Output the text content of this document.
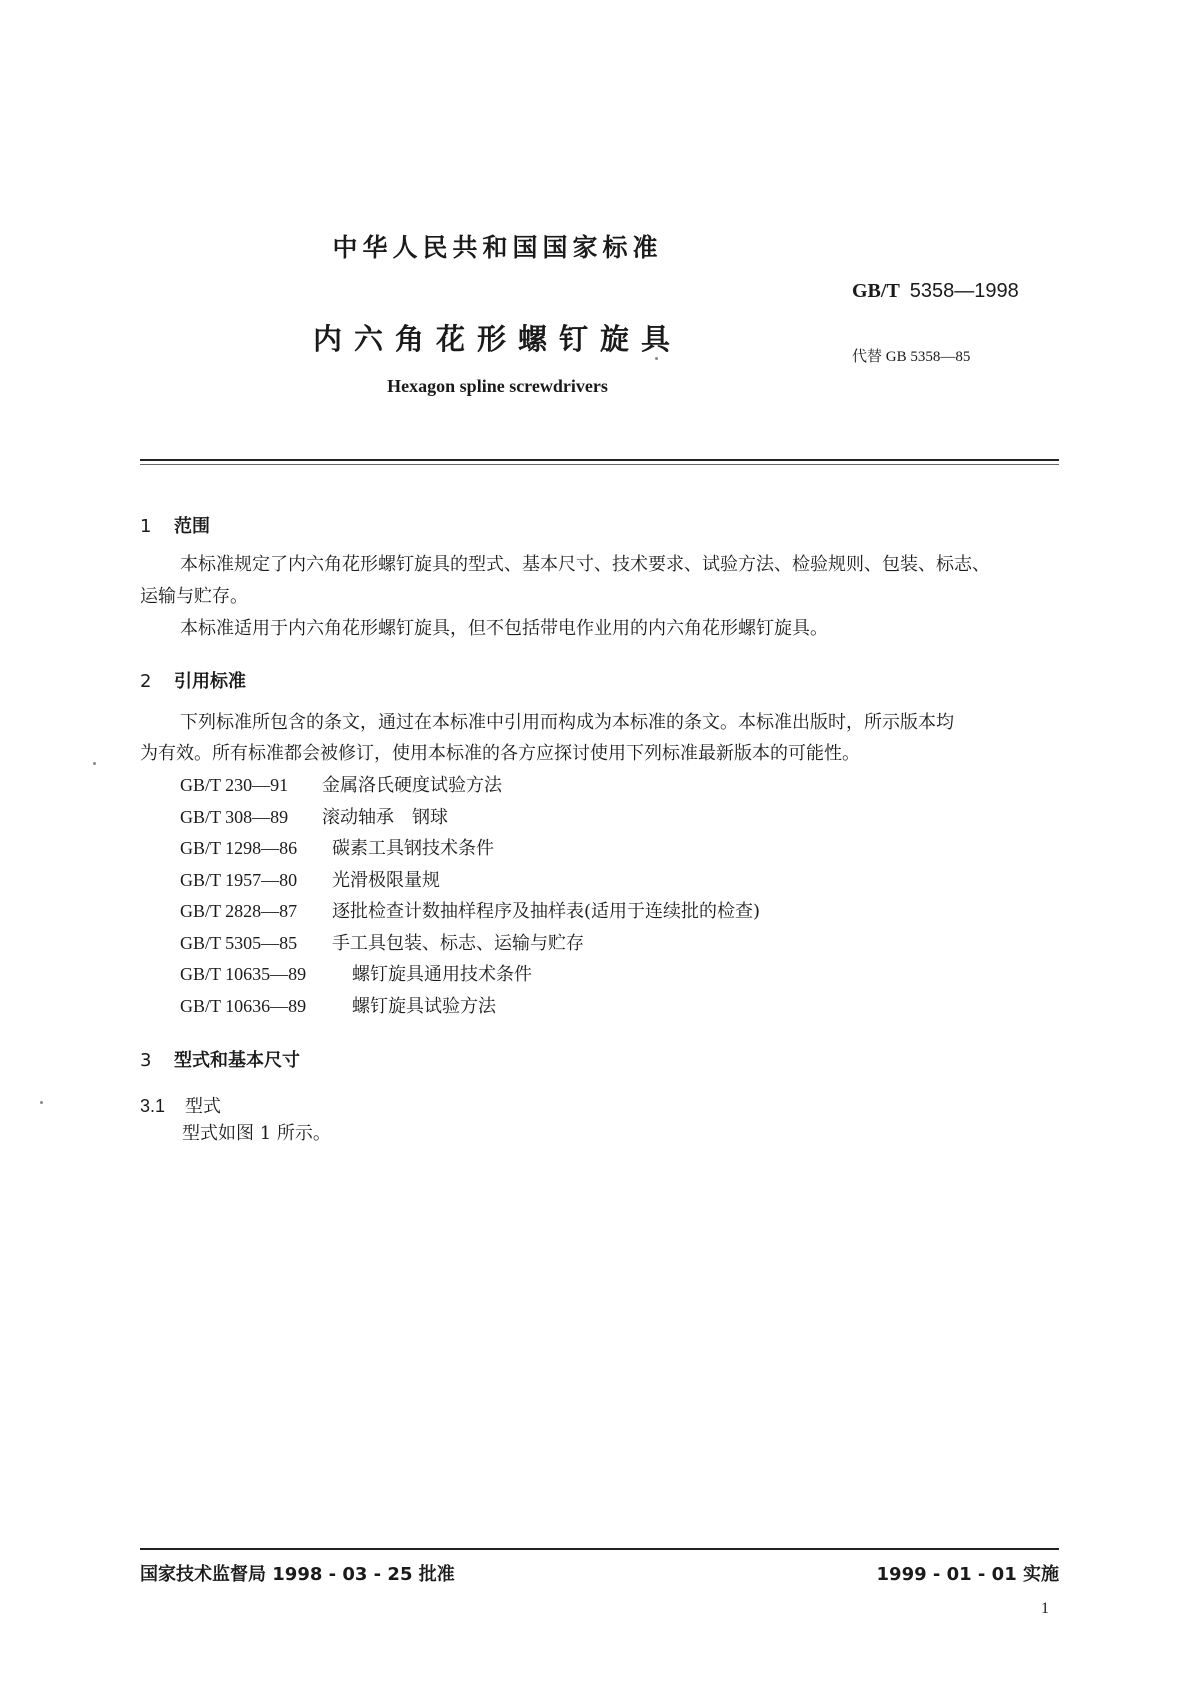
中华人民共和国国家标准
GB/T 5358—1998
内六角花形螺钉旋具
代替 GB 5358—85
Hexagon spline screwdrivers
1 范围
本标准规定了内六角花形螺钉旋具的型式、基本尺寸、技术要求、试验方法、检验规则、包装、标志、
运输与贮存。
本标准适用于内六角花形螺钉旋具，但不包括带电作业用的内六角花形螺钉旋具。
2 引用标准
下列标准所包含的条文，通过在本标准中引用而构成为本标准的条文。本标准出版时，所示版本均
为有效。所有标准都会被修订，使用本标准的各方应探讨使用下列标准最新版本的可能性。
GB/T 230—91 金属洛氏硬度试验方法
GB/T 308—89 滚动轴承　钢球
GB/T 1298—86 碳素工具钢技术条件
GB/T 1957—80 光滑极限量规
GB/T 2828—87 逐批检查计数抽样程序及抽样表(适用于连续批的检查)
GB/T 5305—85 手工具包装、标志、运输与贮存
GB/T 10635—89	螺钉旋具通用技术条件
GB/T 10636—89	螺钉旋具试验方法
3 型式和基本尺寸
3.1 型式
型式如图 1 所示。
国家技术监督局 1998 - 03 - 25 批准	1999 - 01 - 01 实施
1
